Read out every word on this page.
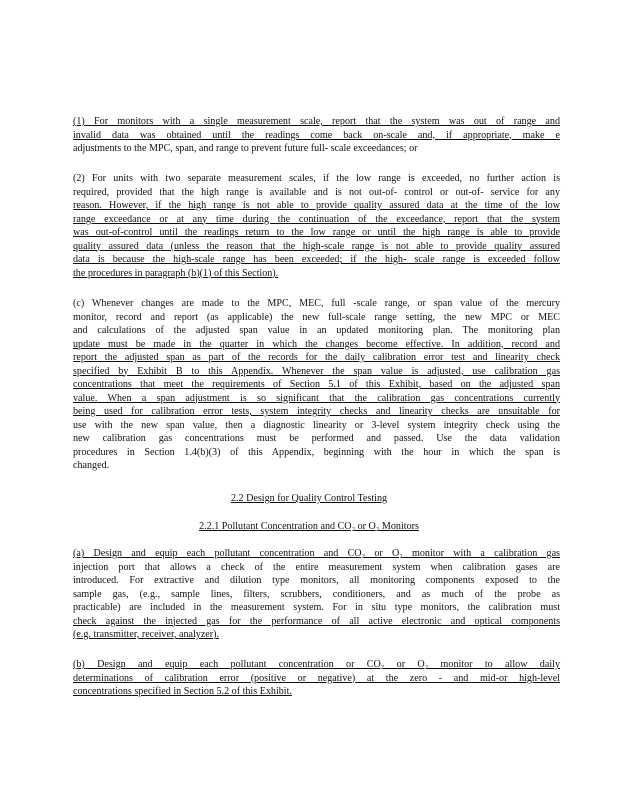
(1) For monitors with a single measurement scale, report that the system was out of range and
invalid data was obtained until the readings come back on-scale and, if appropriate, make e
adjustments to the MPC, span, and range to prevent future full- scale exceedances; or
(2) For units with two separate measurement scales, if the low range is exceeded, no further action is
required, provided that the high range is available and is not out-of- control or out-of- service for any
reason. However, if the high range is not able to provide quality assured data at the time of the low
range exceedance or at any time during the continuation of the exceedance, report that the system
was out-of-control until the readings return to the low range or until the high range is able to provide
quality assured data (unless the reason that the high-scale range is not able to provide quality assured
data is because the high-scale range has been exceeded; if the high- scale range is exceeded follow
the procedures in paragraph (b)(1) of this Section).
(c) Whenever changes are made to the MPC, MEC, full -scale range, or span value of the mercury
monitor, record and report (as applicable) the new full-scale range setting, the new MPC or MEC
and calculations of the adjusted span value in an updated monitoring plan. The monitoring plan
update must be made in the quarter in which the changes become effective. In addition, record and
report the adjusted span as part of the records for the daily calibration error test and linearity check
specified by Exhibit B to this Appendix. Whenever the span value is adjusted, use calibration gas
concentrations that meet the requirements of Section 5.1 of this Exhibit, based on the adjusted span
value. When a span adjustment is so significant that the calibration gas concentrations currently
being used for calibration error tests, system integrity checks and linearity checks are unsuitable for
use with the new span value, then a diagnostic linearity or 3-level system integrity check using the
new calibration gas concentrations must be performed and passed. Use the data validation
procedures in Section 1.4(b)(3) of this Appendix, beginning with the hour in which the span is
changed.
2.2 Design for Quality Control Testing
2.2.1 Pollutant Concentration and CO₂ or O₂ Monitors
(a) Design and equip each pollutant concentration and CO₂ or O₂ monitor with a calibration gas
injection port that allows a check of the entire measurement system when calibration gases are
introduced. For extractive and dilution type monitors, all monitoring components exposed to the
sample gas, (e.g., sample lines, filters, scrubbers, conditioners, and as much of the probe as
practicable) are included in the measurement system. For in situ type monitors, the calibration must
check against the injected gas for the performance of all active electronic and optical components
(e.g. transmitter, receiver, analyzer).
(b) Design and equip each pollutant concentration or CO₂ or O₂ monitor to allow daily
determinations of calibration error (positive or negative) at the zero - and mid-or high-level
concentrations specified in Section 5.2 of this Exhibit.
